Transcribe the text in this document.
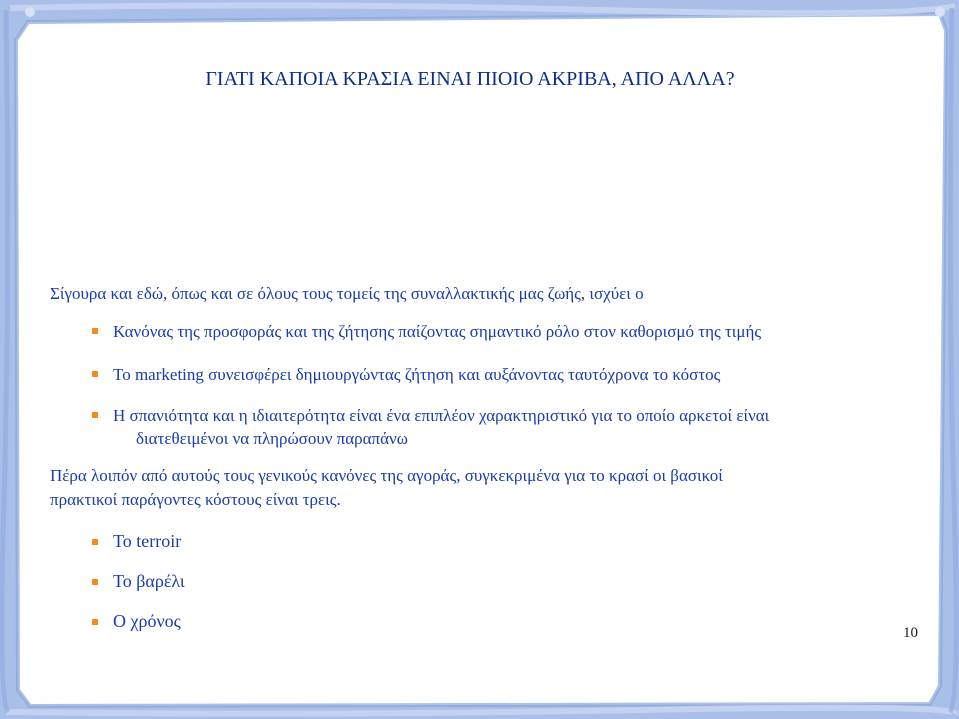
ΓΙΑΤΙ ΚΑΠΟΙΑ ΚΡΑΣΙΑ ΕΙΝΑΙ ΠΙΟΙΟ ΑΚΡΙΒΑ, ΑΠΟ ΑΛΛΑ?
Σίγουρα και εδώ, όπως και σε όλους τους τομείς της συναλλακτικής μας ζωής, ισχύει ο
Κανόνας της προσφοράς και της ζήτησης παίζοντας σημαντικό ρόλο στον καθορισμό της τιμής
Το marketing συνεισφέρει δημιουργώντας ζήτηση και αυξάνοντας ταυτόχρονα το κόστος
Η σπανιότητα και η ιδιαιτερότητα είναι ένα επιπλέον χαρακτηριστικό για το οποίο αρκετοί είναι
διατεθειμένοι να πληρώσουν παραπάνω
Πέρα λοιπόν από αυτούς τους γενικούς κανόνες της αγοράς, συγκεκριμένα για το κρασί οι βασικοί
πρακτικοί παράγοντες κόστους είναι τρεις.
Το terroir
Το βαρέλι
Ο χρόνος
10
